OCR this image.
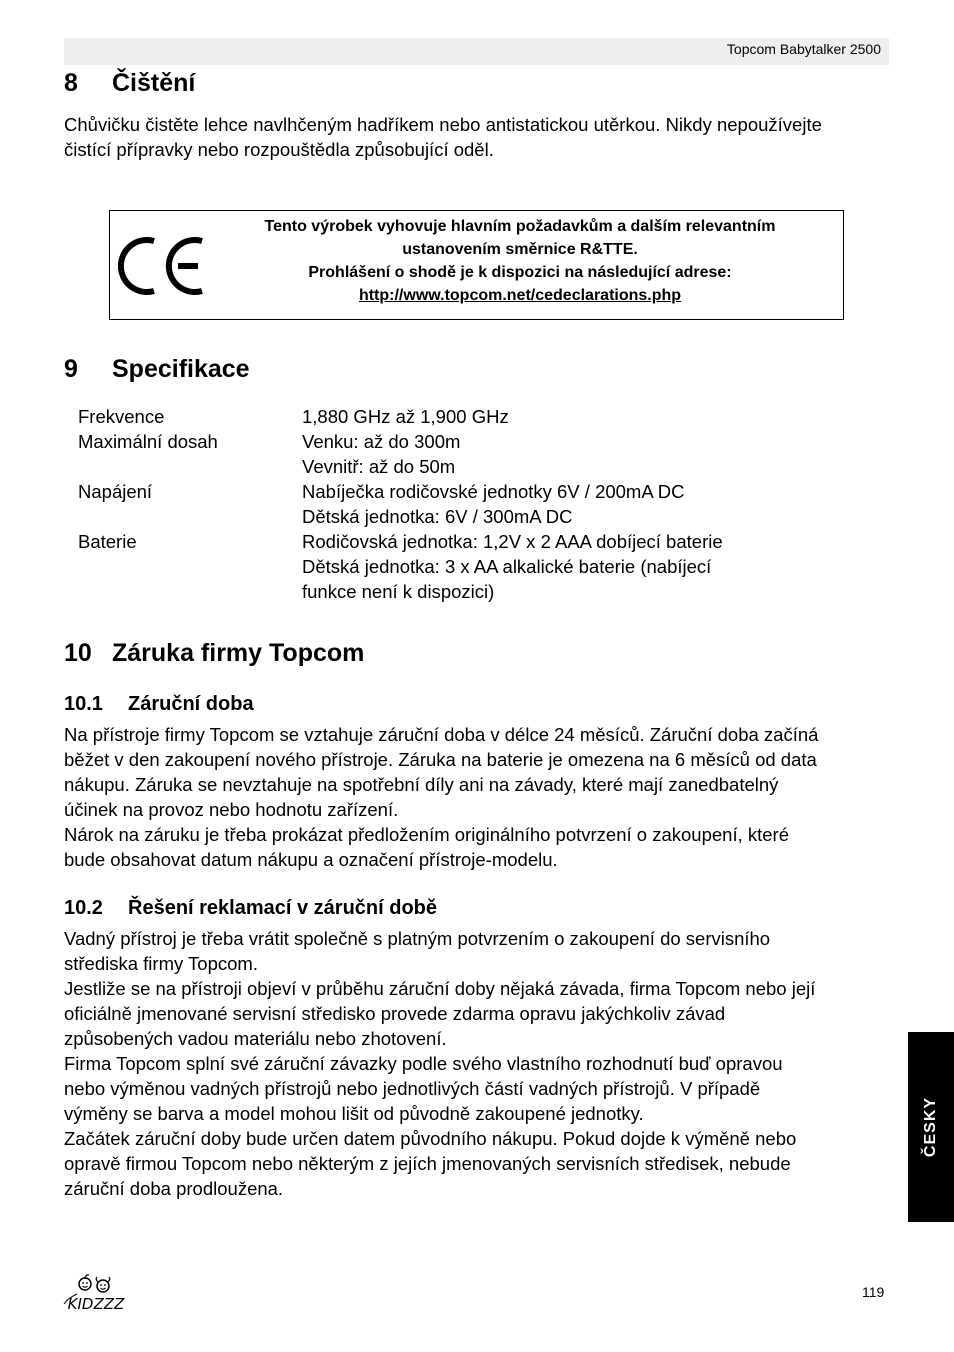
Topcom Babytalker 2500
8 Čištění
Chůvičku čistěte lehce navlhčeným hadříkem nebo antistatickou utěrkou. Nikdy nepoužívejte
čistící přípravky nebo rozpouštědla způsobující oděl.
Tento výrobek vyhovuje hlavním požadavkům a dalším relevantním
ustanovením směrnice R&TTE.
Prohlášení o shodě je k dispozici na následující adrese:
http://www.topcom.net/cedeclarations.php
9 Specifikace
Frekvence	1,880 GHz až 1,900 GHz
Maximální dosah	Venku: až do 300m
	Vevnitř: až do 50m
Napájení	Nabíječka rodičovské jednotky 6V / 200mA DC
	Dětská jednotka: 6V / 300mA DC
Baterie	Rodičovská jednotka: 1,2V x 2 AAA dobíjecí baterie
	Dětská jednotka: 3 x AA alkalické baterie (nabíjecí
	funkce není k dispozici)
10 Záruka firmy Topcom
10.1 Záruční doba
Na přístroje firmy Topcom se vztahuje záruční doba v délce 24 měsíců. Záruční doba začíná
běžet v den zakoupení nového přístroje. Záruka na baterie je omezena na 6 měsíců od data
nákupu. Záruka se nevztahuje na spotřební díly ani na závady, které mají zanedbatelný
účinek na provoz nebo hodnotu zařízení.
Nárok na záruku je třeba prokázat předložením originálního potvrzení o zakoupení, které
bude obsahovat datum nákupu a označení přístroje-modelu.
10.2 Řešení reklamací v záruční době
Vadný přístroj je třeba vrátit společně s platným potvrzením o zakoupení do servisního
střediska firmy Topcom.
Jestliže se na přístroji objeví v průběhu záruční doby nějaká závada, firma Topcom nebo její
oficiálně jmenované servisní středisko provede zdarma opravu jakýchkoliv závad
způsobených vadou materiálu nebo zhotovení.
Firma Topcom splní své záruční závazky podle svého vlastního rozhodnutí buď opravou
nebo výměnou vadných přístrojů nebo jednotlivých částí vadných přístrojů. V případě
výměny se barva a model mohou lišit od původně zakoupené jednotky.
Začátek záruční doby bude určen datem původního nákupu. Pokud dojde k výměně nebo
opravě firmou Topcom nebo některým z jejích jmenovaných servisních středisek, nebude
záruční doba prodloužena.
ČESKY
KIDZZZ
119
